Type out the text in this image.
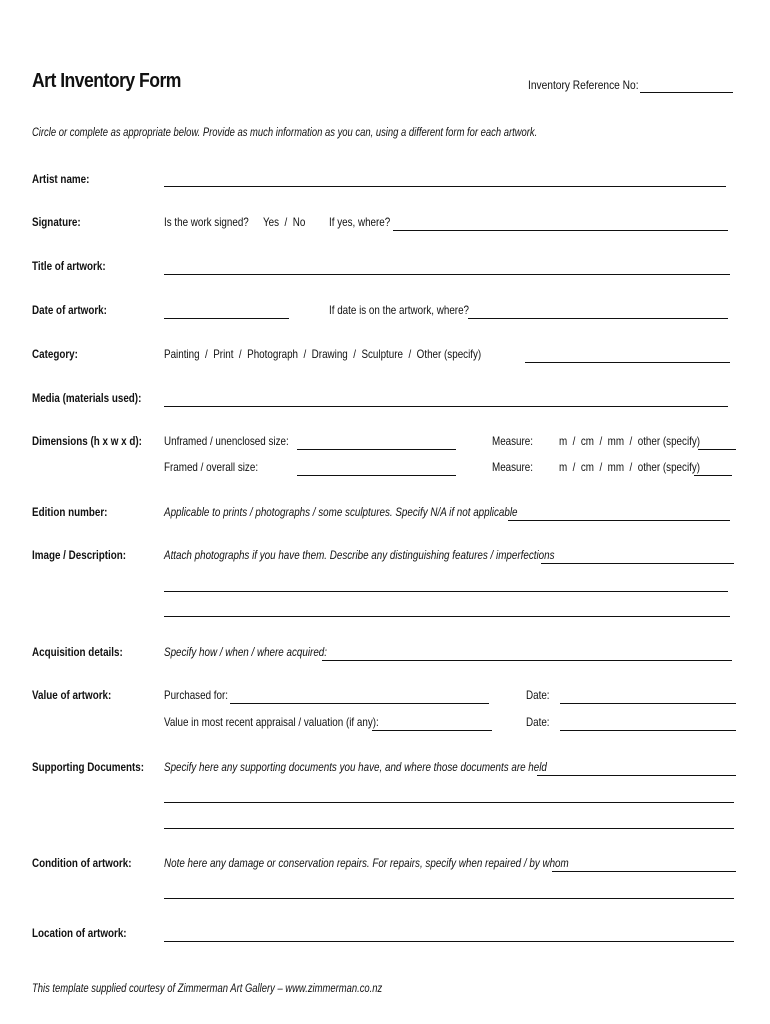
Art Inventory Form	Inventory Reference No:
Circle or complete as appropriate below. Provide as much information as you can, using a different form for each artwork.
Artist name:
Signature:	Is the work signed? Yes  /  No If yes, where?
Title of artwork:
Date of artwork:	If date is on the artwork, where?
Category:	Painting  /  Print  /  Photograph  /  Drawing  /  Sculpture  /  Other (specify)
Media (materials used):
Dimensions (h x w x d): Unframed / unenclosed size:	Measure: m  /  cm  /  mm  /  other (specify)
Framed / overall size:	Measure: m  /  cm  /  mm  /  other (specify)
Edition number:	Applicable to prints / photographs / some sculptures. Specify N/A if not applicable
Image / Description:	Attach photographs if you have them. Describe any distinguishing features / imperfections
Acquisition details:	Specify how / when / where acquired:
Value of artwork:	Purchased for:	Date:
Value in most recent appraisal / valuation (if any):	Date:
Supporting Documents: Specify here any supporting documents you have, and where those documents are held
Condition of artwork:	Note here any damage or conservation repairs. For repairs, specify when repaired / by whom
Location of artwork:
This template supplied courtesy of Zimmerman Art Gallery – www.zimmerman.co.nz
